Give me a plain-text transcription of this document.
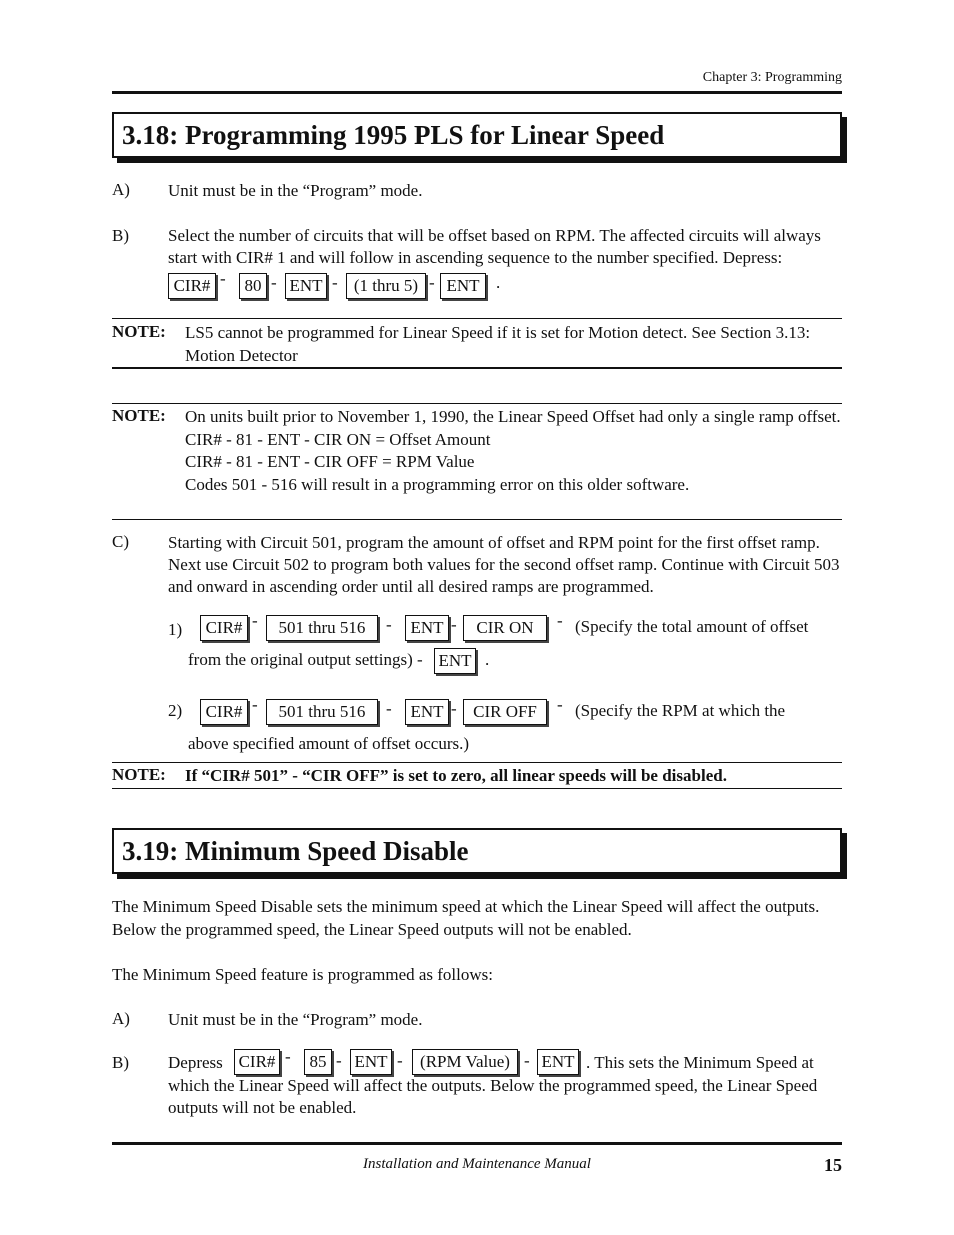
Chapter 3: Programming
3.18: Programming 1995 PLS for Linear Speed
A) Unit must be in the “Program” mode.
B) Select the number of circuits that will be offset based on RPM. The affected circuits will always start with CIR# 1 and will follow in ascending sequence to the number specified. Depress:
CIR# -	80 - ENT - (1 thru 5) - ENT .
NOTE: LS5 cannot be programmed for Linear Speed if it is set for Motion detect. See Section 3.13: Motion Detector
NOTE: On units built prior to November 1, 1990, the Linear Speed Offset had only a single ramp offset.
CIR# - 81 - ENT - CIR ON = Offset Amount
CIR# - 81 - ENT - CIR OFF = RPM Value
Codes 501 - 516 will result in a programming error on this older software.
C) Starting with Circuit 501, program the amount of offset and RPM point for the first offset ramp. Next use Circuit 502 to program both values for the second offset ramp. Continue with Circuit 503 and onward in ascending order until all desired ramps are programmed.
1)	CIR# -	501 thru 516	-	ENT -	CIR ON	- (Specify the total amount of offset
from the original output settings) - ENT .
2)	CIR# -	501 thru 516	-	ENT - CIR OFF	- (Specify the RPM at which the
above specified amount of offset occurs.)
NOTE: If “CIR# 501” - “CIR OFF” is set to zero, all linear speeds will be disabled.
3.19: Minimum Speed Disable
The Minimum Speed Disable sets the minimum speed at which the Linear Speed will affect the outputs. Below the programmed speed, the Linear Speed outputs will not be enabled.
The Minimum Speed feature is programmed as follows:
A) Unit must be in the “Program” mode.
B) Depress CIR# -	85 - ENT -	(RPM Value) - ENT . This sets the Minimum Speed at
which the Linear Speed will affect the outputs. Below the programmed speed, the Linear Speed outputs will not be enabled.
Installation and Maintenance Manual	15
